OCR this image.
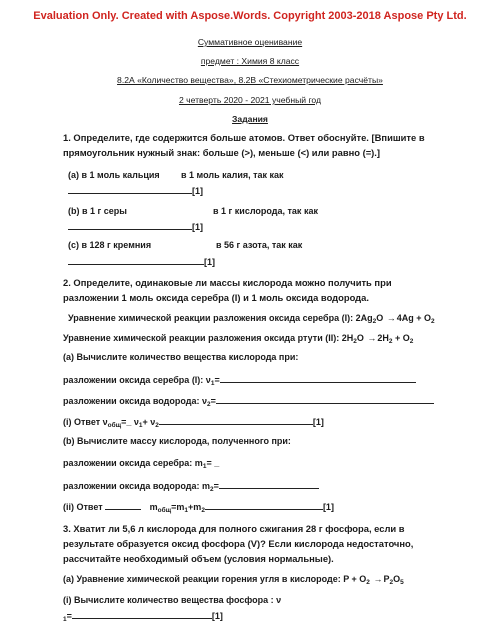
Evaluation Only. Created with Aspose.Words. Copyright 2003-2018 Aspose Pty Ltd.
Суммативное оценивание
предмет : Химия 8 класс
8.2А «Количество вещества», 8.2В «Стехиометрические расчёты»
2 четверть 2020 - 2021 учебный год
Задания
1. Определите, где содержится больше атомов. Ответ обоснуйте. [Впишите в
прямоугольник нужный знак: больше (>), меньше (<) или равно (=).]
(a) в 1 моль кальция в 1 моль калия, так как
[1]
(b) в 1 г серы	в 1 г кислорода, так как
[1]
(c) в 128 г кремния	в 56 г азота, так как
[1]
2. Определите, одинаковые ли массы кислорода можно получить при
разложении 1 моль оксида серебра (I) и 1 моль оксида водорода.
Уравнение химической реакции разложения оксида серебра (I): $2Ag_2O \to 4Ag + O_2$
Уравнение химической реакции разложения оксида ртути (II): $2H_2O \to 2H_2 + O_2$
(a) Вычислите количество вещества кислорода при:
разложении оксида серебра (I): $\nu_1=$
разложении оксида водорода: $\nu_2=$
(i) Ответ $\nu_{общ}=\_$ $\nu_1+ \nu_2$	[1]
(b) Вычислите массу кислорода, полученного при:
разложении оксида серебра: $m_1=$ _
разложении оксида водорода: $m_2=$
(ii) Ответ	$m_{общ}=m_1+m_2$	[1]
3. Хватит ли 5,6 л кислорода для полного сжигания 28 г фосфора, если в
результате образуется оксид фосфора (V)? Если кислорода недостаточно,
рассчитайте необходимый объем (условия нормальные).
(a) Уравнение химической реакции горения угля в кислороде: $P + O_2 \to P_2O_5$
(i) Вычислите количество вещества фосфора : ν
$_1$=	[1]
